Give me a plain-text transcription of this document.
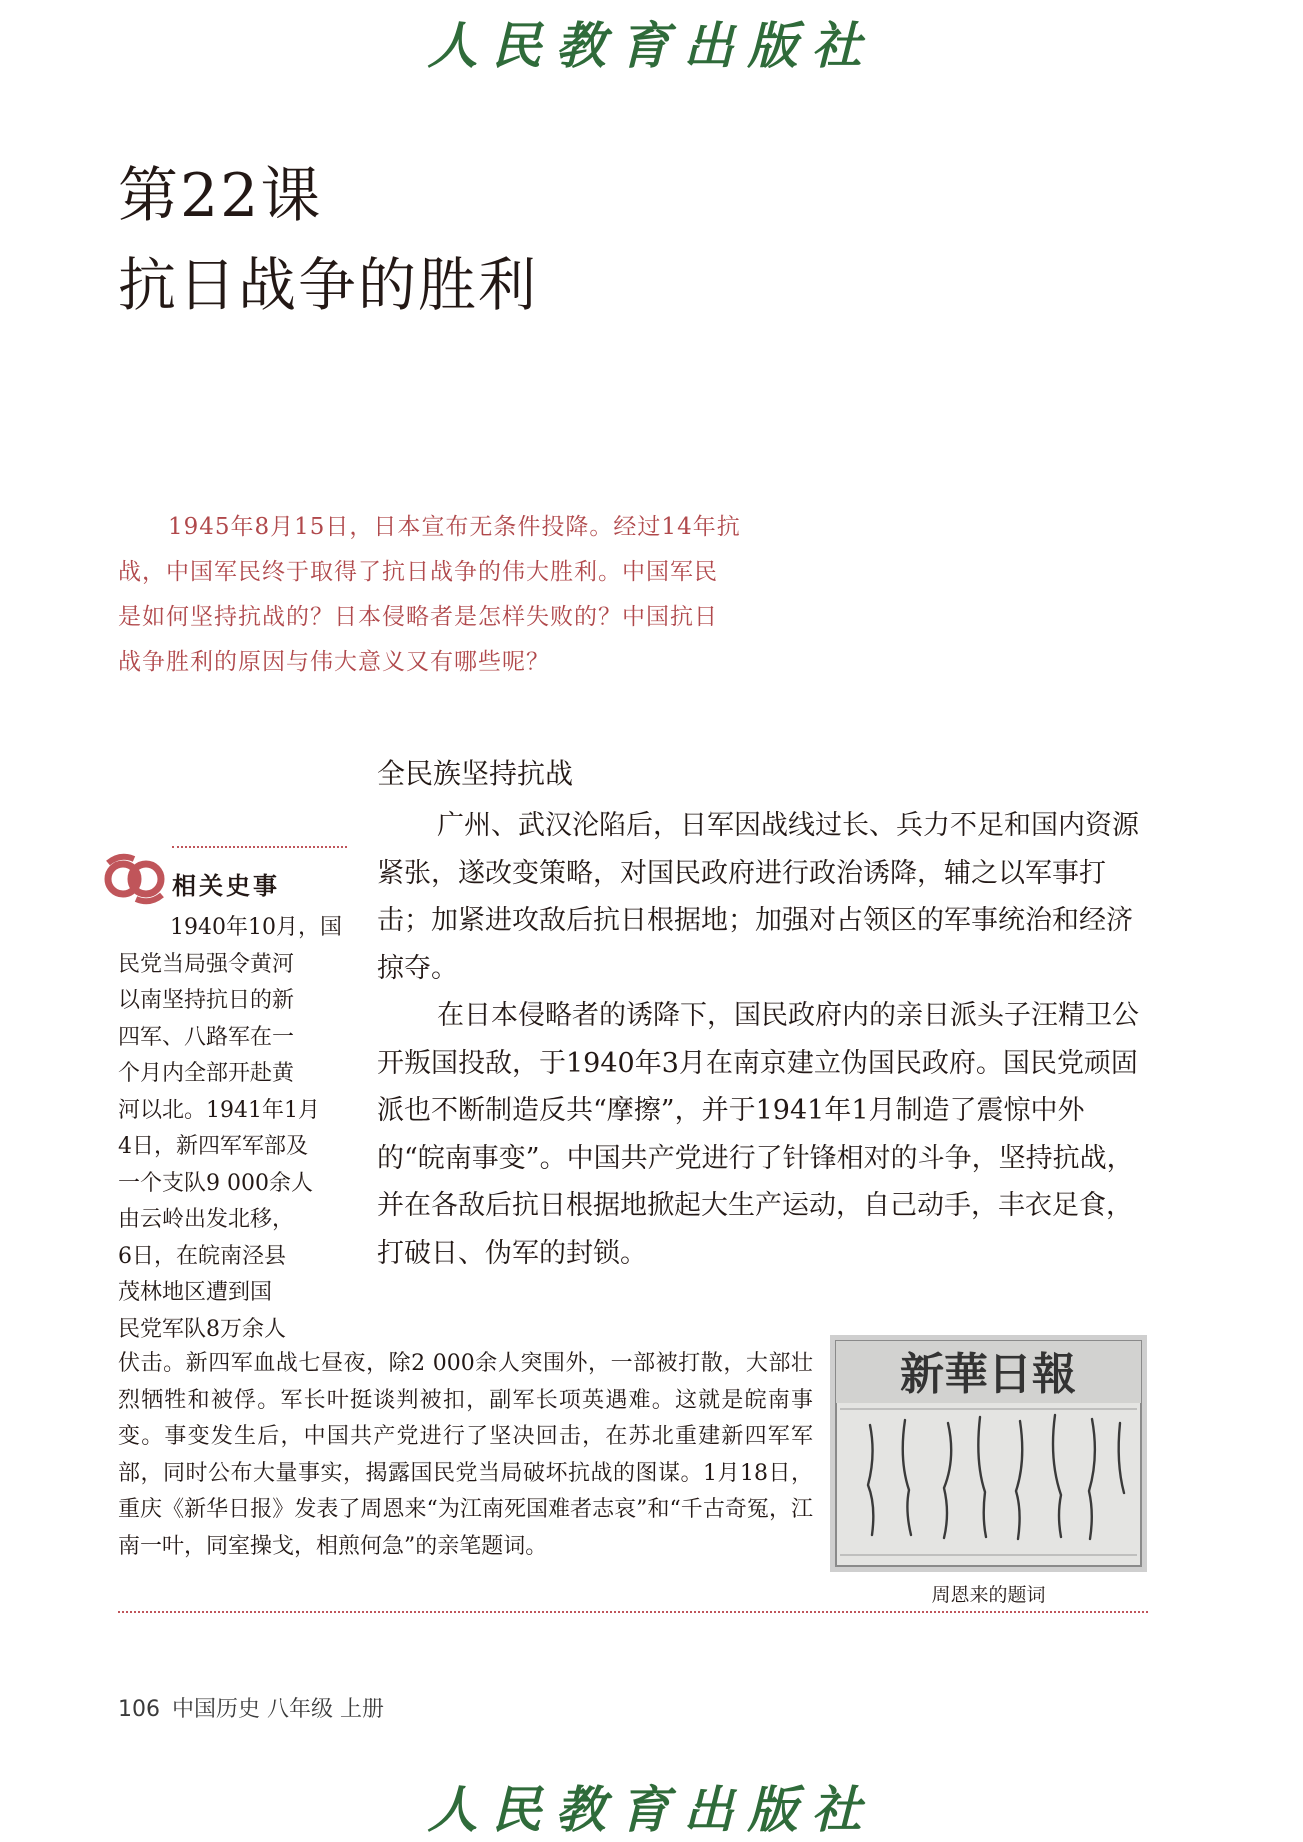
人民教育出版社
第22课
抗日战争的胜利
1945年8月15日，日本宣布无条件投降。经过14年抗
战，中国军民终于取得了抗日战争的伟大胜利。中国军民
是如何坚持抗战的？日本侵略者是怎样失败的？中国抗日
战争胜利的原因与伟大意义又有哪些呢？
全民族坚持抗战

广州、武汉沦陷后，日军因战线过长、兵力不足和国内资源紧张，遂改变策略，对国民政府进行政治诱降，辅之以军事打击；加紧进攻敌后抗日根据地；加强对占领区的军事统治和经济掠夺。

在日本侵略者的诱降下，国民政府内的亲日派头子汪精卫公开叛国投敌，于1940年3月在南京建立伪国民政府。国民党顽固派也不断制造反共“摩擦”，并于1941年1月制造了震惊中外的“皖南事变”。中国共产党进行了针锋相对的斗争，坚持抗战，并在各敌后抗日根据地掀起大生产运动，自己动手，丰衣足食，打破日、伪军的封锁。

相关史事
1940年10月，国
民党当局强令黄河
以南坚持抗日的新
四军、八路军在一
个月内全部开赴黄
河以北。1941年1月
4日，新四军军部及
一个支队9 000余人
由云岭出发北移，
6日，在皖南泾县
茂林地区遭到国
民党军队8万余人

伏击。新四军血战七昼夜，除2 000余人突围外，一部被打散，大部壮烈牺牲和被俘。军长叶挺谈判被扣，副军长项英遇难。这就是皖南事变。事变发生后，中国共产党进行了坚决回击，在苏北重建新四军军部，同时公布大量事实，揭露国民党当局破坏抗战的图谋。1月18日，重庆《新华日报》发表了周恩来“为江南死国难者志哀”和“千古奇冤，江南一叶，同室操戈，相煎何急”的亲笔题词。

新華日報
周恩来的题词
106 中国历史 八年级 上册
人民教育出版社
